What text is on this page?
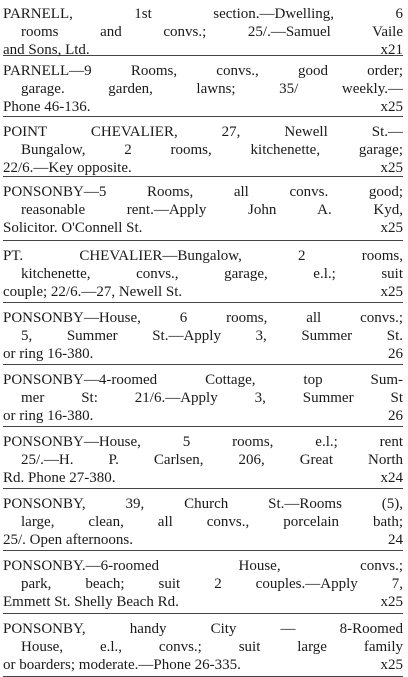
PARNELL, 1st section.—Dwelling, 6
rooms and convs.; 25/.—Samuel Vaile
and Sons, Ltd.	x21
PARNELL—9 Rooms, convs., good order;
garage. garden, lawns; 35/ weekly.—
Phone 46-136.	x25
POINT CHEVALIER, 27, Newell St.—
Bungalow, 2 rooms, kitchenette, garage;
22/6.—Key opposite.	x25
PONSONBY—5 Rooms, all convs. good;
reasonable rent.—Apply John A. Kyd,
Solicitor. O'Connell St.	x25
PT. CHEVALIER—Bungalow, 2 rooms,
kitchenette, convs., garage, e.l.; suit
couple; 22/6.—27, Newell St.	x25
PONSONBY—House, 6 rooms, all convs.;
5, Summer St.—Apply 3, Summer St.
or ring 16-380.	26
PONSONBY—4-roomed Cottage, top Sum-
mer St: 21/6.—Apply 3, Summer St
or ring 16-380.	26
PONSONBY—House, 5 rooms, e.l.; rent
25/.—H. P. Carlsen, 206, Great North
Rd. Phone 27-380.	x24
PONSONBY, 39, Church St.—Rooms (5),
large, clean, all convs., porcelain bath;
25/. Open afternoons.	24
PONSONBY.—6-roomed House, convs.;
park, beach; suit 2 couples.—Apply 7,
Emmett St. Shelly Beach Rd.	x25
PONSONBY, handy City — 8-Roomed
House, e.l., convs.; suit large family
or boarders; moderate.—Phone 26-335.	x25
